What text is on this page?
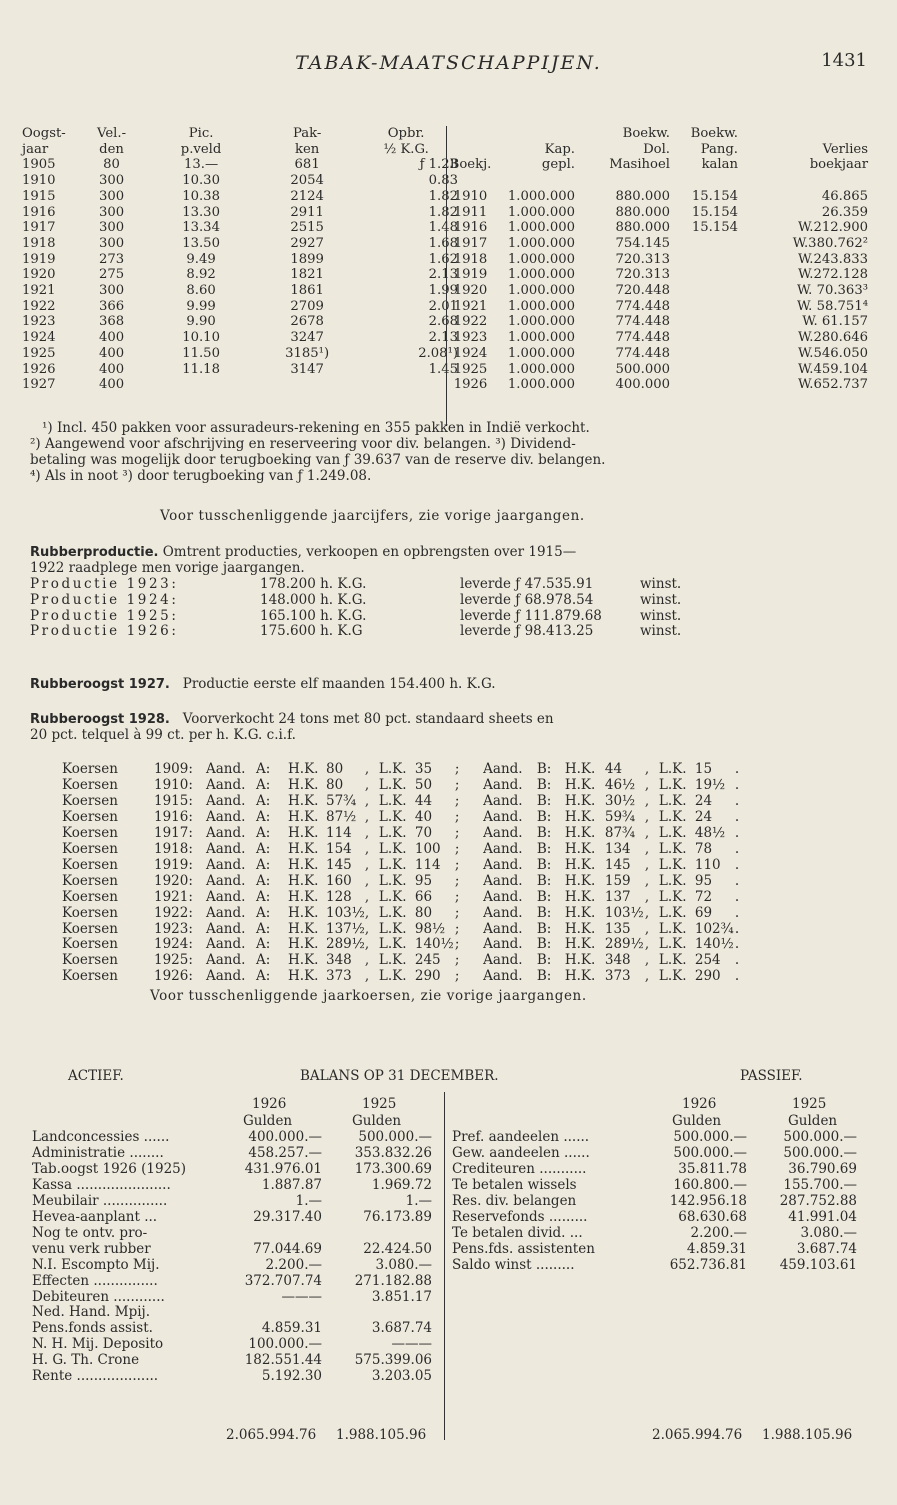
TABAK-MAATSCHAPPIJEN.	1431
Oogst-	Vel.-	Pic.	Pak-	Opbr.
jaar	den	p.veld	ken	½ K.G.

1905	80	13.—	681	ƒ 1.23
1910	300	10.30	2054	0.83
1915	300	10.38	2124	1.82
1916	300	13.30	2911	1.82
1917	300	13.34	2515	1.48
1918	300	13.50	2927	1.68
1919	273	9.49	1899	1.62
1920	275	8.92	1821	2.13
1921	300	8.60	1861	1.99
1922	366	9.99	2709	2.01
1923	368	9.90	2678	2.68
1924	400	10.10	3247	2.13
1925	400	11.50	3185¹)	2.08¹)
1926	400	11.18	3147	1.45
1927	400			
		Boekw.	Boekw.	
	Kap.	Dol.	Pang.	Verlies
Boekj.	gepl.	Masihoel	kalan	boekjaar

1910	1.000.000	880.000	15.154	46.865
1911	1.000.000	880.000	15.154	26.359
1916	1.000.000	880.000	15.154	W.212.900
1917	1.000.000	754.145		W.380.762²
1918	1.000.000	720.313		W.243.833
1919	1.000.000	720.313		W.272.128
1920	1.000.000	720.448		W. 70.363³
1921	1.000.000	774.448		W. 58.751⁴
1922	1.000.000	774.448		W. 61.157
1923	1.000.000	774.448		W.280.646
1924	1.000.000	774.448		W.546.050
1925	1.000.000	500.000		W.459.104
1926	1.000.000	400.000		W.652.737
¹) Incl. 450 pakken voor assuradeurs-rekening en 355 pakken in Indië verkocht.
²) Aangewend voor afschrijving en reserveering voor div. belangen. ³) Dividend-
betaling was mogelijk door terugboeking van ƒ 39.637 van de reserve div. belangen.
⁴) Als in noot ³) door terugboeking van ƒ 1.249.08.
Voor tusschenliggende jaarcijfers, zie vorige jaargangen.
Rubberproductie. Omtrent producties, verkoopen en opbrengsten over 1915—
1922 raadplege men vorige jaargangen.
Productie 1923:	178.200 h. K.G.	leverde ƒ 47.535.91	winst.
Productie 1924:	148.000 h. K.G.	leverde ƒ 68.978.54	winst.
Productie 1925:	165.100 h. K.G.	leverde ƒ 111.879.68	winst.
Productie 1926:	175.600 h. K.G	leverde ƒ 98.413.25	winst.
Rubberoogst 1927. Productie eerste elf maanden 154.400 h. K.G.
Rubberoogst 1928. Voorverkocht 24 tons met 80 pct. standaard sheets en
20 pct. telquel à 99 ct. per h. K.G. c.i.f.
Koersen	1909:	Aand.	A:	H.K.	80	,	L.K.	35	;	Aand.	B:	H.K.	44	,	L.K.	15	.
Koersen	1910:	Aand.	A:	H.K.	80	,	L.K.	50	;	Aand.	B:	H.K.	46½	,	L.K.	19½	.
Koersen	1915:	Aand.	A:	H.K.	57¾	,	L.K.	44	;	Aand.	B:	H.K.	30½	,	L.K.	24	.
Koersen	1916:	Aand.	A:	H.K.	87½	,	L.K.	40	;	Aand.	B:	H.K.	59¾	,	L.K.	24	.
Koersen	1917:	Aand.	A:	H.K.	114	,	L.K.	70	;	Aand.	B:	H.K.	87¾	,	L.K.	48½	.
Koersen	1918:	Aand.	A:	H.K.	154	,	L.K.	100	;	Aand.	B:	H.K.	134	,	L.K.	78	.
Koersen	1919:	Aand.	A:	H.K.	145	,	L.K.	114	;	Aand.	B:	H.K.	145	,	L.K.	110	.
Koersen	1920:	Aand.	A:	H.K.	160	,	L.K.	95	;	Aand.	B:	H.K.	159	,	L.K.	95	.
Koersen	1921:	Aand.	A:	H.K.	128	,	L.K.	66	;	Aand.	B:	H.K.	137	,	L.K.	72	.
Koersen	1922:	Aand.	A:	H.K.	103½	,	L.K.	80	;	Aand.	B:	H.K.	103½	,	L.K.	69	.
Koersen	1923:	Aand.	A:	H.K.	137½	,	L.K.	98½	;	Aand.	B:	H.K.	135	,	L.K.	102¾	.
Koersen	1924:	Aand.	A:	H.K.	289½	,	L.K.	140½	;	Aand.	B:	H.K.	289½	,	L.K.	140½	.
Koersen	1925:	Aand.	A:	H.K.	348	,	L.K.	245	;	Aand.	B:	H.K.	348	,	L.K.	254	.
Koersen	1926:	Aand.	A:	H.K.	373	,	L.K.	290	;	Aand.	B:	H.K.	373	,	L.K.	290	.
Voor tusschenliggende jaarkoersen, zie vorige jaargangen.
ACTIEF.	BALANS OP 31 DECEMBER.	PASSIEF.
1926	1925
Gulden	Gulden
1926	1925
Gulden	Gulden
Landconcessies ......	400.000.—	500.000.—
Administratie ........	458.257.—	353.832.26
Tab.oogst 1926 (1925)	431.976.01	173.300.69
Kassa ......................	1.887.87	1.969.72
Meubilair ...............	1.—	1.—
Hevea-aanplant ...	29.317.40	76.173.89
Nog te ontv. pro-		
venu verk rubber	77.044.69	22.424.50
N.I. Escompto Mij.	2.200.—	3.080.—
Effecten ...............	372.707.74	271.182.88
Debiteuren ............	———	3.851.17
Ned. Hand. Mpij.		
Pens.fonds assist.	4.859.31	3.687.74
N. H. Mij. Deposito	100.000.—	———
H. G. Th. Crone	182.551.44	575.399.06
Rente ...................	5.192.30	3.203.05
Pref. aandeelen ......	500.000.—	500.000.—
Gew. aandeelen ......	500.000.—	500.000.—
Crediteuren ...........	35.811.78	36.790.69
Te betalen wissels	160.800.—	155.700.—
Res. div. belangen	142.956.18	287.752.88
Reservefonds .........	68.630.68	41.991.04
Te betalen divid. ...	2.200.—	3.080.—
Pens.fds. assistenten	4.859.31	3.687.74
Saldo winst .........	652.736.81	459.103.61
2.065.994.76 1.988.105.96	2.065.994.76 1.988.105.96
